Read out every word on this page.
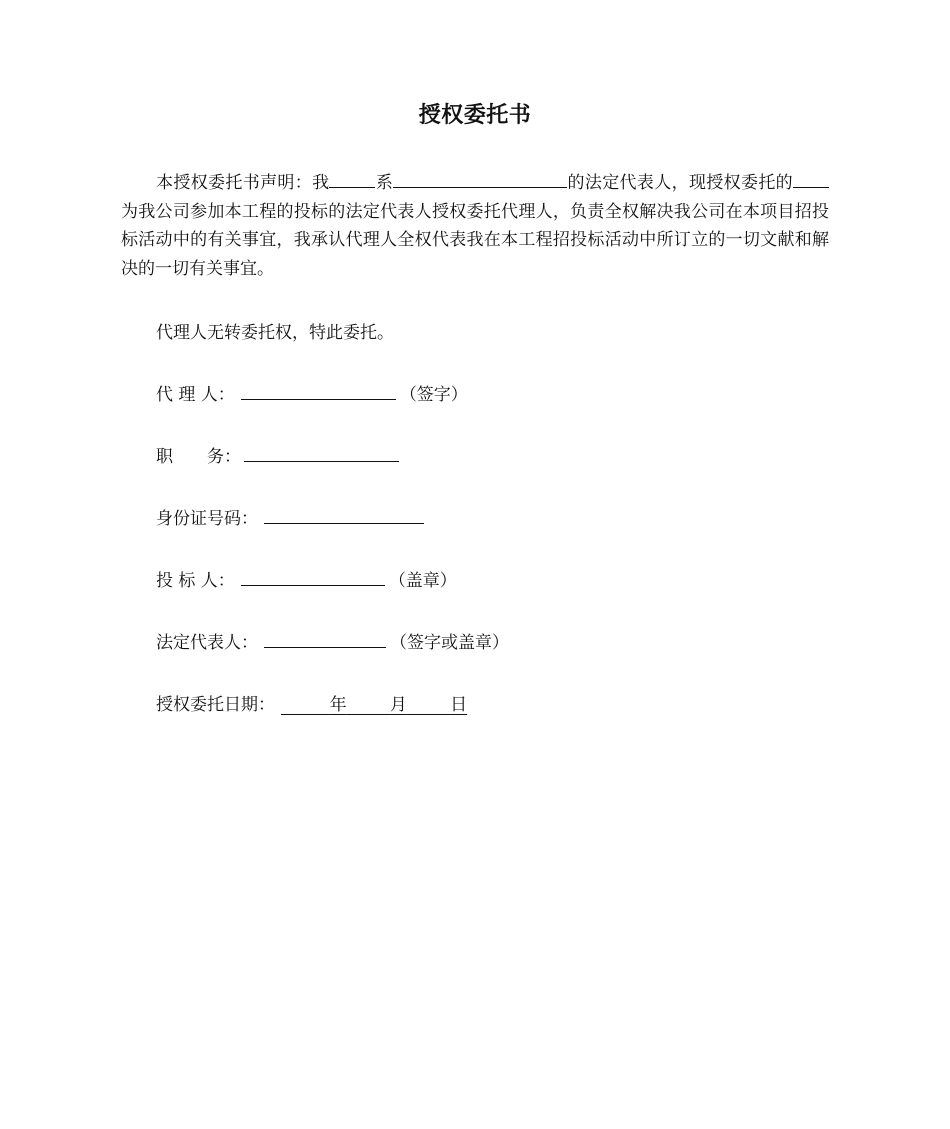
授权委托书
本授权委托书声明：我	系	的法定代表人，现授权委托的为我公司参加本工程的投标的法定代表人授权委托代理人，负责全权解决我公司在本项目招投标活动中的有关事宜，我承认代理人全权代表我在本工程招投标活动中所订立的一切文献和解决的一切有关事宜。
代理人无转委托权，特此委托。
代 理 人：	（签字）
职　　务：
身份证号码：
投 标 人：	（盖章）
法定代表人：	（签字或盖章）
授权委托日期：	年	月	日
